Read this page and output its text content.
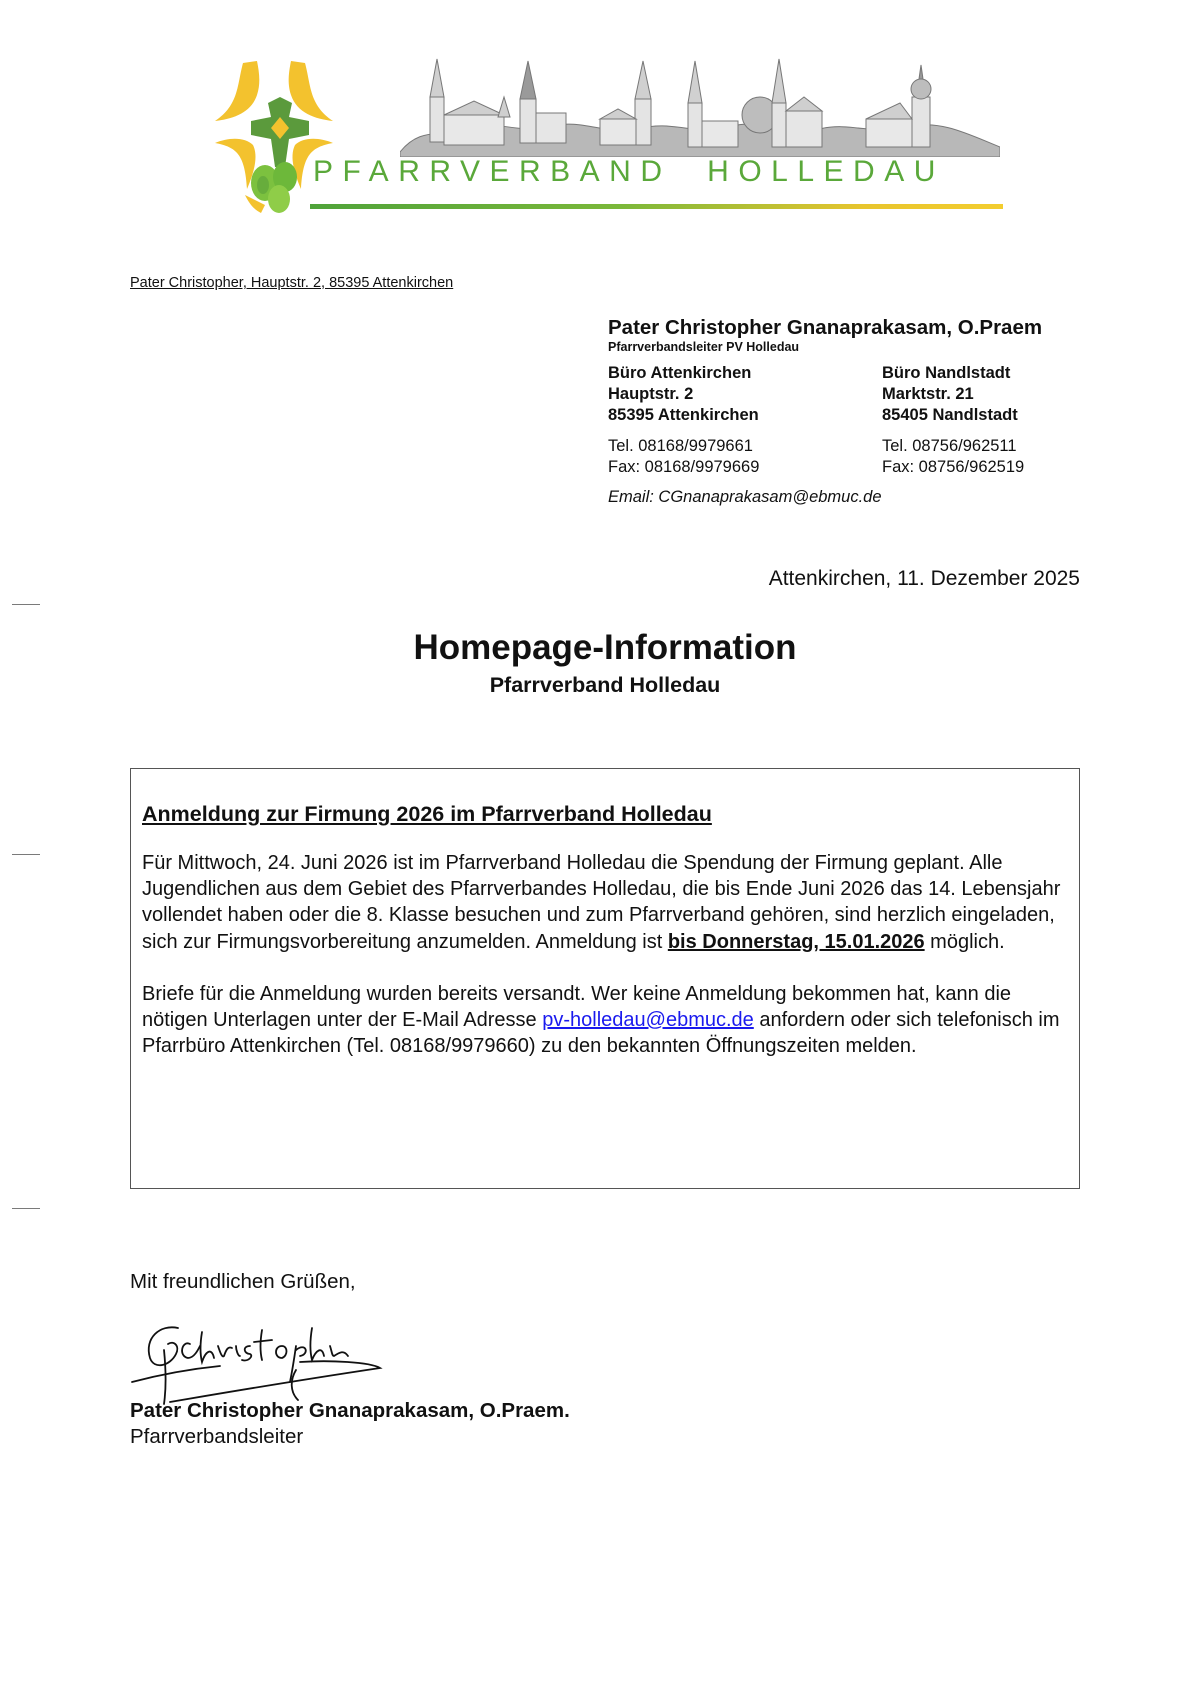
PFARRVERBAND  HOLLEDAU
Pater Christopher, Hauptstr. 2, 85395 Attenkirchen
Pater Christopher Gnanaprakasam, O.Praem
Pfarrverbandsleiter PV Holledau
Büro Attenkirchen
Hauptstr. 2
85395 Attenkirchen
Tel. 08168/9979661
Fax: 08168/9979669
Büro Nandlstadt
Marktstr. 21
85405 Nandlstadt
Tel. 08756/962511
Fax: 08756/962519
Email: CGnanaprakasam@ebmuc.de
Attenkirchen, 11. Dezember 2025
Homepage-Information
Pfarrverband Holledau
Anmeldung zur Firmung 2026 im Pfarrverband Holledau

Für Mittwoch, 24. Juni 2026 ist im Pfarrverband Holledau die Spendung der Firmung geplant. Alle Jugendlichen aus dem Gebiet des Pfarrverbandes Holledau, die bis Ende Juni 2026 das 14. Lebensjahr vollendet haben oder die 8. Klasse besuchen und zum Pfarrverband gehören, sind herzlich eingeladen, sich zur Firmungsvorbereitung anzumelden. Anmeldung ist bis Donnerstag, 15.01.2026 möglich.

Briefe für die Anmeldung wurden bereits versandt. Wer keine Anmeldung bekommen hat, kann die nötigen Unterlagen unter der E-Mail Adresse pv-holledau@ebmuc.de anfordern oder sich telefonisch im Pfarrbüro Attenkirchen (Tel. 08168/9979660) zu den bekannten Öffnungszeiten melden.

Mit freundlichen Grüßen,
Pater Christopher Gnanaprakasam, O.Praem.
Pfarrverbandsleiter
